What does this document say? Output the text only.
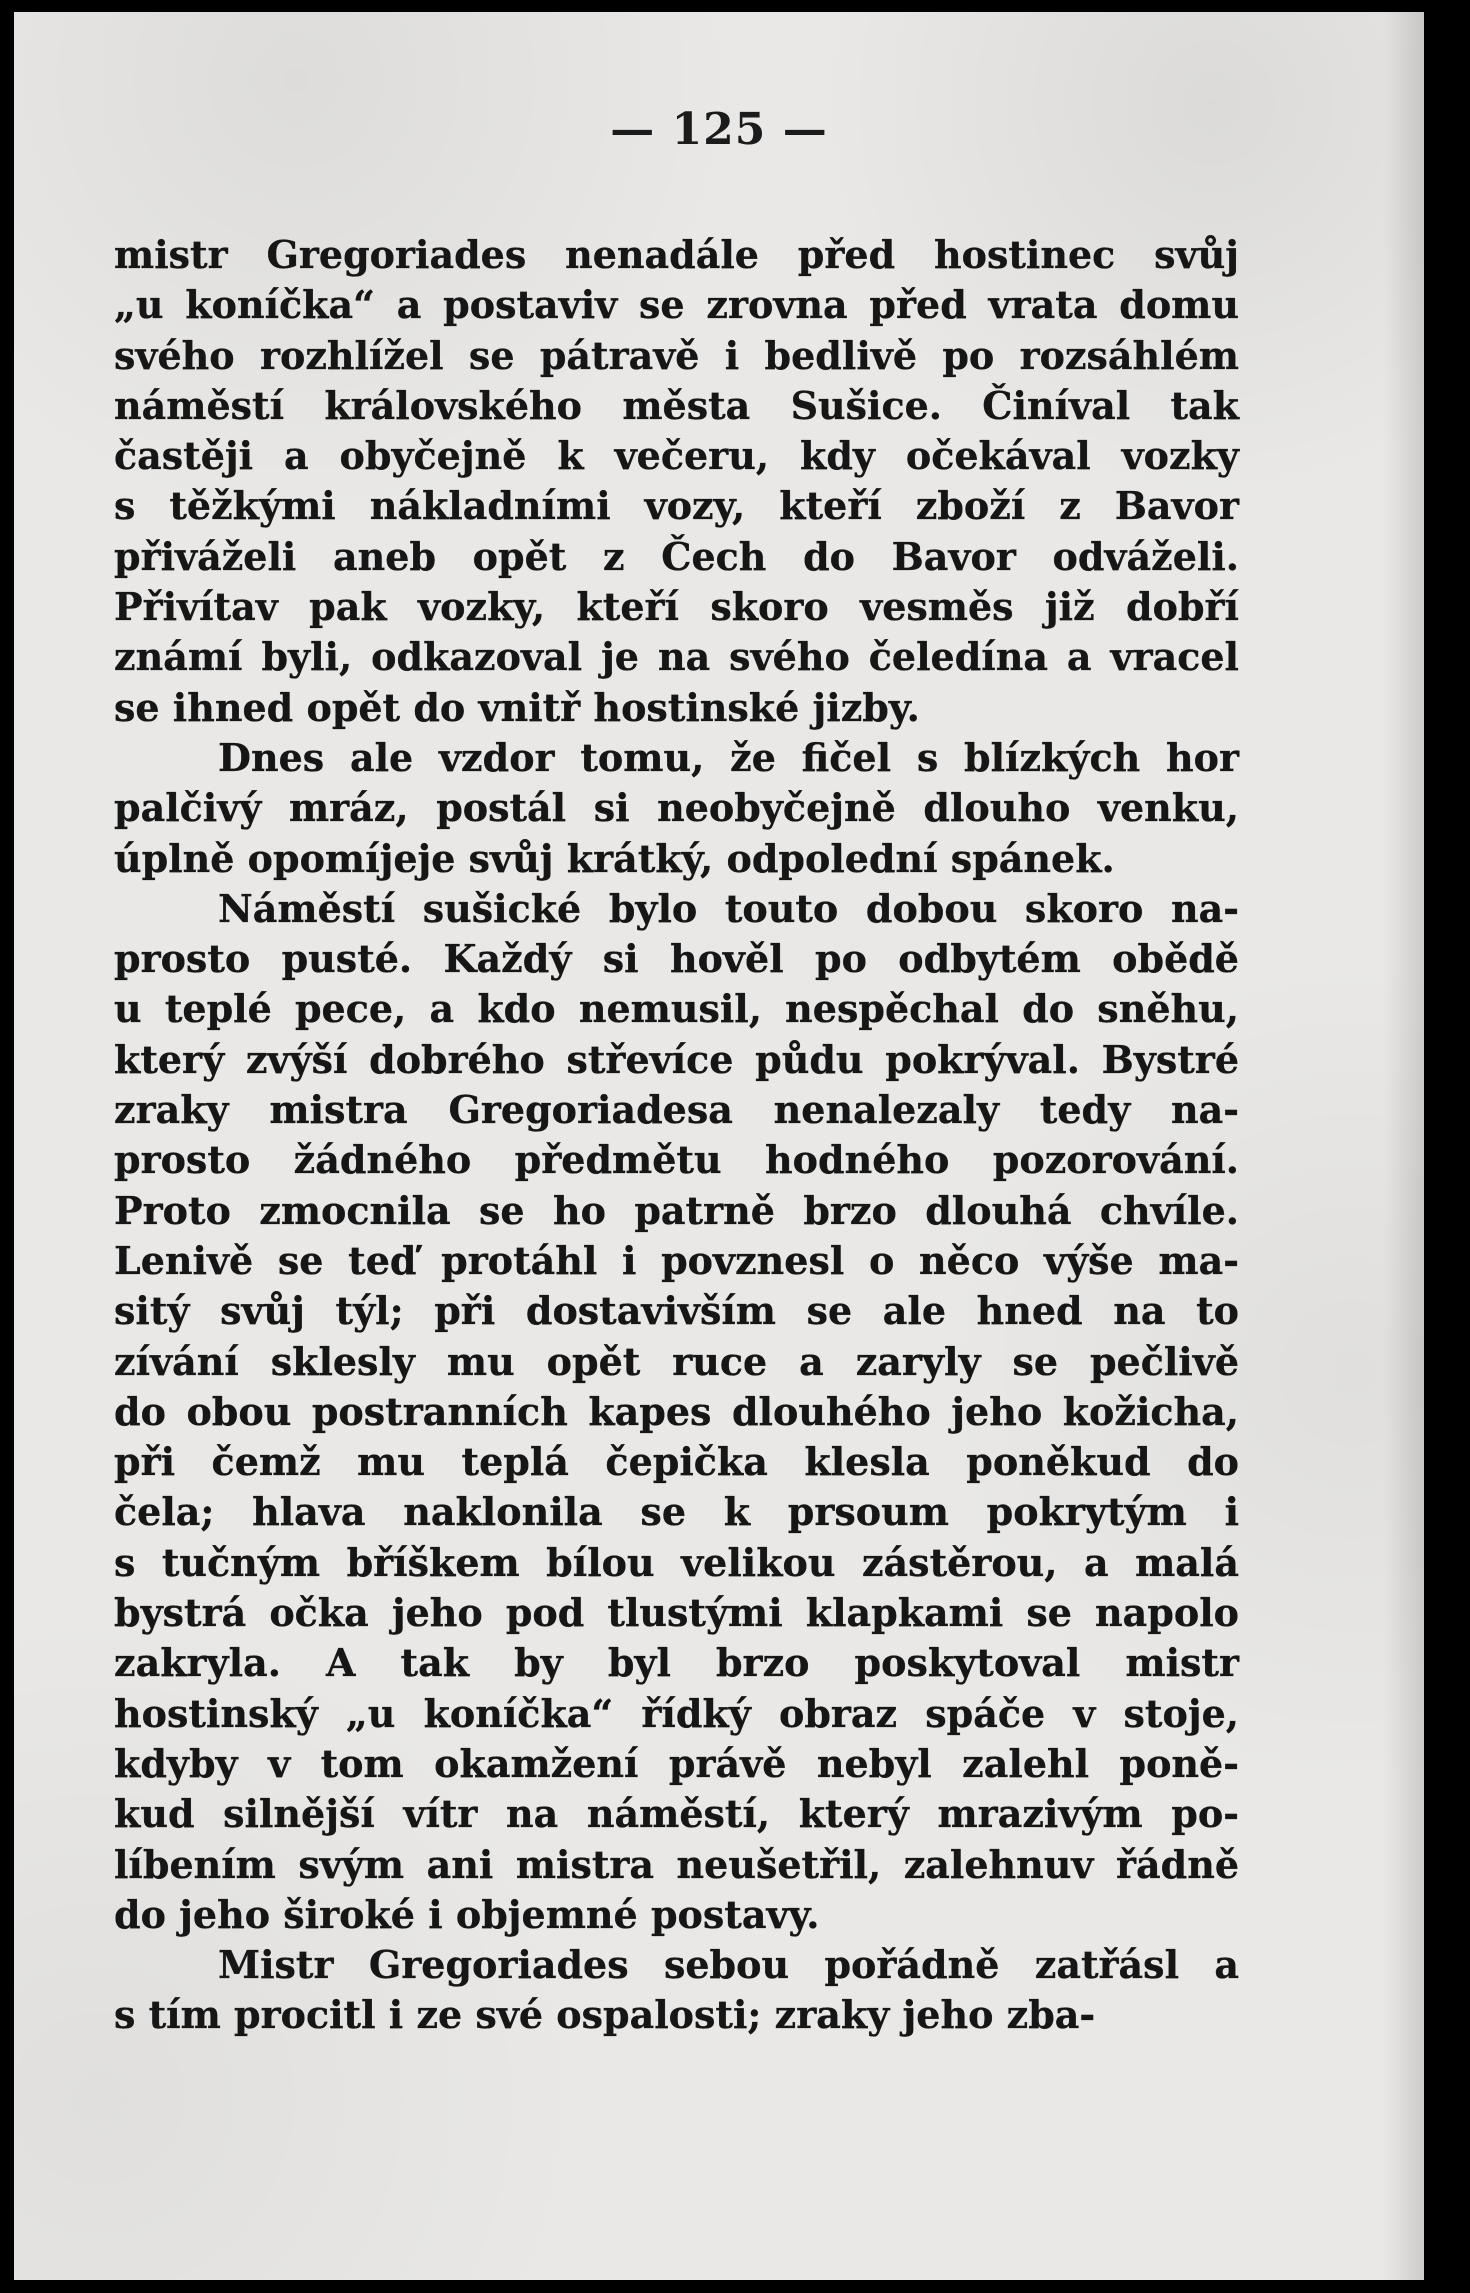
— 125 —
mistr Gregoriades nenadále před hostinec svůj
„u koníčka“ a postaviv se zrovna před vrata domu
svého rozhlížel se pátravě i bedlivě po rozsáhlém
náměstí královského města Sušice. Činíval tak
častěji a obyčejně k večeru, kdy očekával vozky
s těžkými nákladními vozy, kteří zboží z Bavor
přiváželi aneb opět z Čech do Bavor odváželi.
Přivítav pak vozky, kteří skoro vesměs již dobří
známí byli, odkazoval je na svého čeledína a vracel
se ihned opět do vnitř hostinské jizby.
Dnes ale vzdor tomu, že fičel s blízkých hor
palčivý mráz, postál si neobyčejně dlouho venku,
úplně opomíjeje svůj krátký, odpolední spánek.
Náměstí sušické bylo touto dobou skoro na-
prosto pusté. Každý si hověl po odbytém obědě
u teplé pece, a kdo nemusil, nespěchal do sněhu,
který zvýší dobrého střevíce půdu pokrýval. Bystré
zraky mistra Gregoriadesa nenalezaly tedy na-
prosto žádného předmětu hodného pozorování.
Proto zmocnila se ho patrně brzo dlouhá chvíle.
Lenivě se teď protáhl i povznesl o něco výše ma-
sitý svůj týl; při dostavivším se ale hned na to
zívání sklesly mu opět ruce a zaryly se pečlivě
do obou postranních kapes dlouhého jeho kožicha,
při čemž mu teplá čepička klesla poněkud do
čela; hlava naklonila se k prsoum pokrytým i
s tučným bříškem bílou velikou zástěrou, a malá
bystrá očka jeho pod tlustými klapkami se napolo
zakryla. A tak by byl brzo poskytoval mistr
hostinský „u koníčka“ řídký obraz spáče v stoje,
kdyby v tom okamžení právě nebyl zalehl poně-
kud silnější vítr na náměstí, který mrazivým po-
líbením svým ani mistra neušetřil, zalehnuv řádně
do jeho široké i objemné postavy.
Mistr Gregoriades sebou pořádně zatřásl a
s tím procitl i ze své ospalosti; zraky jeho zba-
